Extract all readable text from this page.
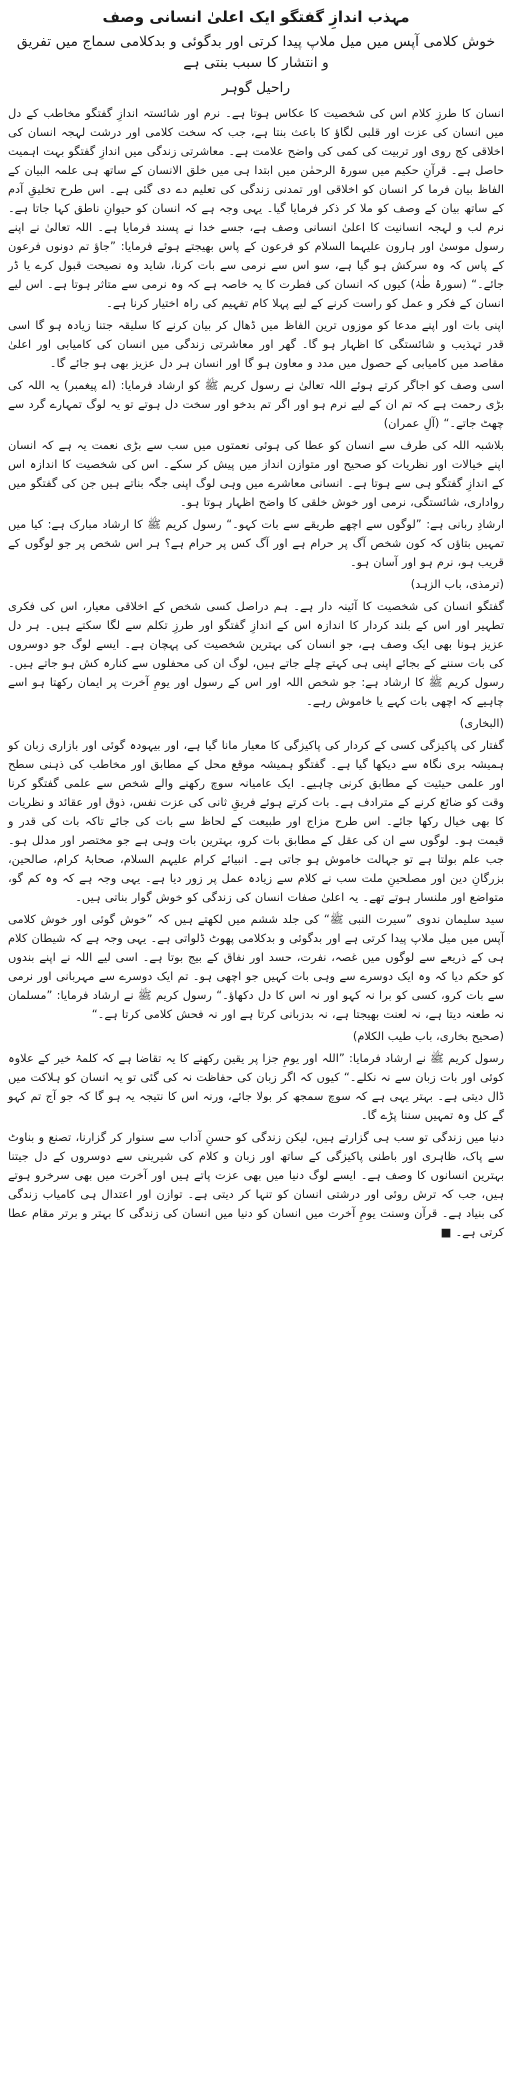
مہذب اندازِ گفتگو ایک اعلیٰ انسانی وصف
خوش کلامی آپس میں میل ملاپ پیدا کرتی اور بدگوئی و بدکلامی سماج میں تفریق و انتشار کا سبب بنتی ہے
راحیل گوہر

انسان کا طرزِ کلام اس کی شخصیت کا عکاس ہوتا ہے۔ نرم اور شائستہ اندازِ گفتگو مخاطب کے دل میں انسان کی عزت اور قلبی لگاؤ کا باعث بنتا ہے، جب کہ سخت کلامی اور درشت لہجہ انسان کی اخلاقی کج روی اور تربیت کی کمی کی واضح علامت ہے۔ معاشرتی زندگی میں اندازِ گفتگو بہت اہمیت حاصل ہے۔ قرآنِ حکیم میں سورۃ الرحمٰن میں ابتدا ہی میں خلق الانسان کے ساتھ ہی علمہ البیان کے الفاظ بیان فرما کر انسان کو اخلاقی اور تمدنی زندگی کی تعلیم دے دی گئی ہے۔ اس طرح تخلیقِ آدم کے ساتھ بیان کے وصف کو ملا کر ذکر فرمایا گیا۔ یہی وجہ ہے کہ انسان کو حیوانِ ناطق کہا جاتا ہے۔ نرم لب و لہجہ انسانیت کا اعلیٰ انسانی وصف ہے، جسے خدا نے پسند فرمایا ہے۔ اللہ تعالیٰ نے اپنے رسول موسیٰ اور ہارون علیہما السلام کو فرعون کے پاس بھیجتے ہوئے فرمایا: ”جاؤ تم دونوں فرعون کے پاس کہ وہ سرکش ہو گیا ہے، سو اس سے نرمی سے بات کرنا، شاید وہ نصیحت قبول کرے یا ڈر جائے۔“ (سورۂ طٰہٰ) کیوں کہ انسان کی فطرت کا یہ خاصہ ہے کہ وہ نرمی سے متاثر ہوتا ہے۔ اس لیے انسان کے فکر و عمل کو راست کرنے کے لیے پہلا کام تفہیم کی راہ اختیار کرنا ہے۔

اپنی بات اور اپنے مدعا کو موزوں ترین الفاظ میں ڈھال کر بیان کرنے کا سلیقہ جتنا زیادہ ہو گا اسی قدر تہذیب و شائستگی کا اظہار ہو گا۔ گھر اور معاشرتی زندگی میں انسان کی کامیابی اور اعلیٰ مقاصد میں کامیابی کے حصول میں مدد و معاون ہو گا اور انسان ہر دل عزیز بھی ہو جائے گا۔

اسی وصف کو اجاگر کرتے ہوئے اللہ تعالیٰ نے رسول کریم ﷺ کو ارشاد فرمایا: (اے پیغمبر) یہ اللہ کی بڑی رحمت ہے کہ تم ان کے لیے نرم ہو اور اگر تم بدخو اور سخت دل ہوتے تو یہ لوگ تمہارے گرد سے چھٹ جاتے۔“ (آلِ عمران)

بلاشبہ اللہ کی طرف سے انسان کو عطا کی ہوئی نعمتوں میں سب سے بڑی نعمت یہ ہے کہ انسان اپنے خیالات اور نظریات کو صحیح اور متوازن انداز میں پیش کر سکے۔ اس کی شخصیت کا اندازہ اس کے اندازِ گفتگو ہی سے ہوتا ہے۔ انسانی معاشرے میں وہی لوگ اپنی جگہ بناتے ہیں جن کی گفتگو میں رواداری، شائستگی، نرمی اور خوش خلقی کا واضح اظہار ہوتا ہو۔

ارشادِ ربانی ہے: ”لوگوں سے اچھے طریقے سے بات کہو۔“ رسول کریم ﷺ کا ارشاد مبارک ہے: کیا میں تمہیں بتاؤں کہ کون شخص آگ پر حرام ہے اور آگ کس پر حرام ہے؟ ہر اس شخص پر جو لوگوں کے قریب ہو، نرم ہو اور آسان ہو۔

(ترمذی، باب الزہد)

گفتگو انسان کی شخصیت کا آئینہ دار ہے۔ ہم دراصل کسی شخص کے اخلاقی معیار، اس کی فکری تطہیر اور اس کے بلند کردار کا اندازہ اس کے اندازِ گفتگو اور طرزِ تکلم سے لگا سکتے ہیں۔ ہر دل عزیز ہونا بھی ایک وصف ہے، جو انسان کی بہترین شخصیت کی پہچان ہے۔ ایسے لوگ جو دوسروں کی بات سننے کے بجائے اپنی ہی کہتے چلے جاتے ہیں، لوگ ان کی محفلوں سے کنارہ کش ہو جاتے ہیں۔ رسول کریم ﷺ کا ارشاد ہے: جو شخص اللہ اور اس کے رسول اور یومِ آخرت پر ایمان رکھتا ہو اسے چاہیے کہ اچھی بات کہے یا خاموش رہے۔

(البخاری)

گفتار کی پاکیزگی کسی کے کردار کی پاکیزگی کا معیار مانا گیا ہے، اور بیہودہ گوئی اور بازاری زبان کو ہمیشہ بری نگاہ سے دیکھا گیا ہے۔ گفتگو ہمیشہ موقع محل کے مطابق اور مخاطب کی ذہنی سطح اور علمی حیثیت کے مطابق کرنی چاہیے۔ ایک عامیانہ سوچ رکھنے والے شخص سے علمی گفتگو کرنا وقت کو ضائع کرنے کے مترادف ہے۔ بات کرتے ہوئے فریقِ ثانی کی عزت نفس، ذوق اور عقائد و نظریات کا بھی خیال رکھا جائے۔ اس طرح مزاج اور طبیعت کے لحاظ سے بات کی جائے تاکہ بات کی قدر و قیمت ہو۔ لوگوں سے ان کی عقل کے مطابق بات کرو، بہترین بات وہی ہے جو مختصر اور مدلل ہو۔ جب علم بولتا ہے تو جہالت خاموش ہو جاتی ہے۔ انبیائے کرام علیہم السلام، صحابۂ کرام، صالحین، بزرگانِ دین اور مصلحینِ ملت سب نے کلام سے زیادہ عمل پر زور دیا ہے۔ یہی وجہ ہے کہ وہ کم گو، متواضع اور ملنسار ہوتے تھے۔ یہ اعلیٰ صفات انسان کی زندگی کو خوش گوار بناتی ہیں۔

سید سلیمان ندوی ”سیرت النبی ﷺ“ کی جلد ششم میں لکھتے ہیں کہ ”خوش گوئی اور خوش کلامی آپس میں میل ملاپ پیدا کرتی ہے اور بدگوئی و بدکلامی پھوٹ ڈلواتی ہے۔ یہی وجہ ہے کہ شیطان کلام ہی کے ذریعے سے لوگوں میں غصہ، نفرت، حسد اور نفاق کے بیج بوتا ہے۔ اسی لیے اللہ نے اپنے بندوں کو حکم دیا کہ وہ ایک دوسرے سے وہی بات کہیں جو اچھی ہو۔ تم ایک دوسرے سے مہربانی اور نرمی سے بات کرو، کسی کو برا نہ کہو اور نہ اس کا دل دکھاؤ۔“ رسول کریم ﷺ نے ارشاد فرمایا: ”مسلمان نہ طعنہ دیتا ہے، نہ لعنت بھیجتا ہے، نہ بدزبانی کرتا ہے اور نہ فحش کلامی کرتا ہے۔“

(صحیح بخاری، باب طیب الکلام)

رسول کریم ﷺ نے ارشاد فرمایا: ”اللہ اور یومِ جزا پر یقین رکھنے کا یہ تقاضا ہے کہ کلمۂ خیر کے علاوہ کوئی اور بات زبان سے نہ نکلے۔“ کیوں کہ اگر زبان کی حفاظت نہ کی گئی تو یہ انسان کو ہلاکت میں ڈال دیتی ہے۔ بہتر یہی ہے کہ سوچ سمجھ کر بولا جائے، ورنہ اس کا نتیجہ یہ ہو گا کہ جو آج تم کہو گے کل وہ تمہیں سننا پڑے گا۔

دنیا میں زندگی تو سب ہی گزارتے ہیں، لیکن زندگی کو حسنِ آداب سے سنوار کر گزارنا، تصنع و بناوٹ سے پاک، ظاہری اور باطنی پاکیزگی کے ساتھ اور زبان و کلام کی شیرینی سے دوسروں کے دل جیتنا بہترین انسانوں کا وصف ہے۔ ایسے لوگ دنیا میں بھی عزت پاتے ہیں اور آخرت میں بھی سرخرو ہوتے ہیں، جب کہ ترش روئی اور درشتی انسان کو تنہا کر دیتی ہے۔ توازن اور اعتدال ہی کامیاب زندگی کی بنیاد ہے۔ قرآن وسنت یومِ آخرت میں انسان کو دنیا میں انسان کی زندگی کا بہتر و برتر مقام عطا کرتی ہے۔ ■
